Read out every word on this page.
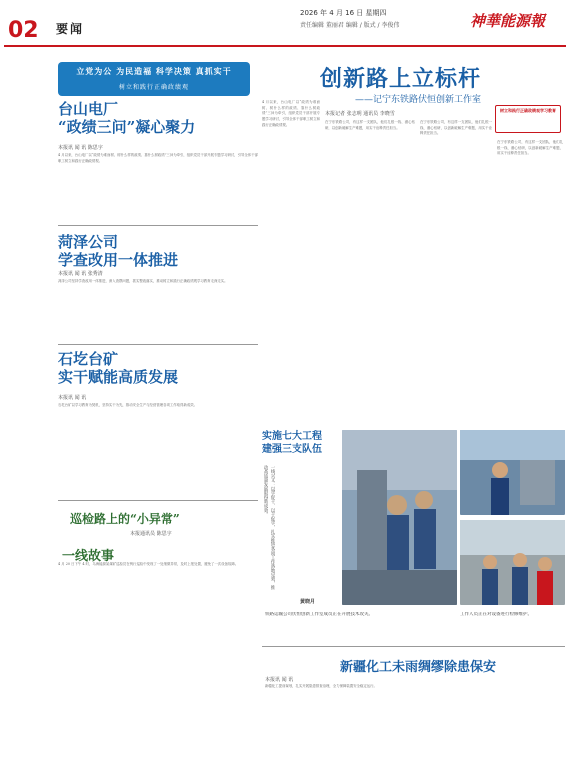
02 要闻
2026 年 4 月 16 日 星期四
责任编辑 董丽君 编辑 / 版式 / 李俊伟	神華能源報
立党为公 为民造福 科学决策 真抓实干
树立和践行正确政绩观
台山电厂
“政绩三问”凝心聚力
本报讯 闻 讯 陈思宇
4 月以来，台山电厂以“政绩为谁而树、树什么样的政绩、靠什么树政绩”三问为牵引，组织党员干部开展专题学习研讨，引导全体干部职工树立和践行正确政绩观。
菏泽公司
学查改用一体推进
本报讯 闻 讯 张秀清
菏泽公司坚持学查改用一体推进，深入查摆问题，抓实整改落实，推动树立和践行正确政绩观学习教育走深走实。
石圪台矿
实干赋能高质发展
本报讯 闻 讯
石圪台矿以学习教育为契机，坚持实干为先，推动安全生产与经营管理各项工作取得新成效。
4 月以来，台山电厂以“政绩为谁而树、树什么样的政绩、靠什么树政绩”三问为牵引，组织党员干部开展专题学习研讨，引导全体干部职工树立和践行正确政绩观。
创新路上立标杆
——记宁东铁路伏恒创新工作室
本报记者 张志明 通讯员 李晓雪
树立和践行正确政绩观学习教育
在宁东铁路公司，有这样一支团队，他们扎根一线、潜心钻研，以创新破解生产难题，用实干诠释责任担当。
在宁东铁路公司，有这样一支团队，他们扎根一线、潜心钻研，以创新破解生产难题，用实干诠释责任担当。
在宁东铁路公司，有这样一支团队，他们扎根一线、潜心钻研，以创新破解生产难题，用实干诠释责任担当。
实施七大工程
建强三支队伍
一线兴文：以学促干、以干促学，扎实推进各项工作落地见效，推动高质量发展取得新成效。
黄晓月
巡检路上的“小异常”
本报通讯员 陈思宇
一线故事
4 月 20 日下午 4 时，乌海能源某煤矿巡检员在例行巡检中发现了一处细微异常，及时上报处置，避免了一次设备故障。
铁路运输公司伏恒创新工作室成员正在开展技术攻关。	工作人员正在对设备进行检修维护。
新疆化工未雨绸缪除患保安
本报讯 闻 讯
新疆化工提前谋划，扎实开展隐患排查治理，全力保障装置安全稳定运行。
